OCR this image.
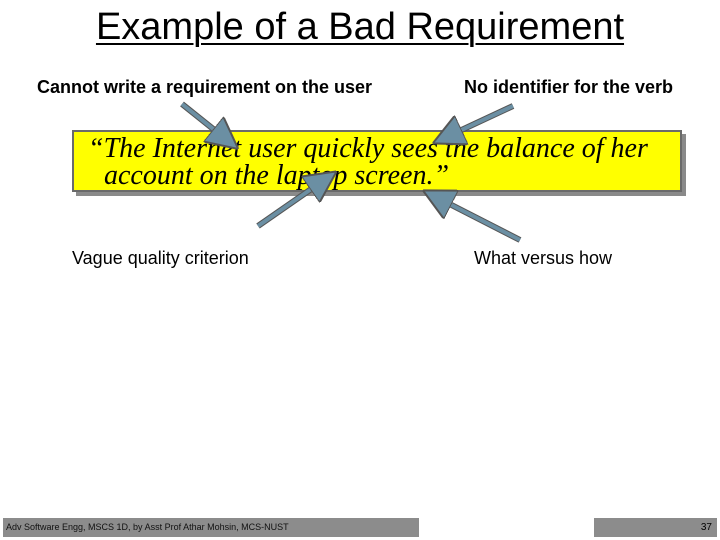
Example of a Bad Requirement
Cannot write a requirement on the user	No identifier for the verb
“The Internet user quickly sees the balance of her
account on the laptop screen.”
Vague quality criterion	What versus how
Adv Software Engg, MSCS 1D, by Asst Prof Athar Mohsin, MCS-NUST	37
